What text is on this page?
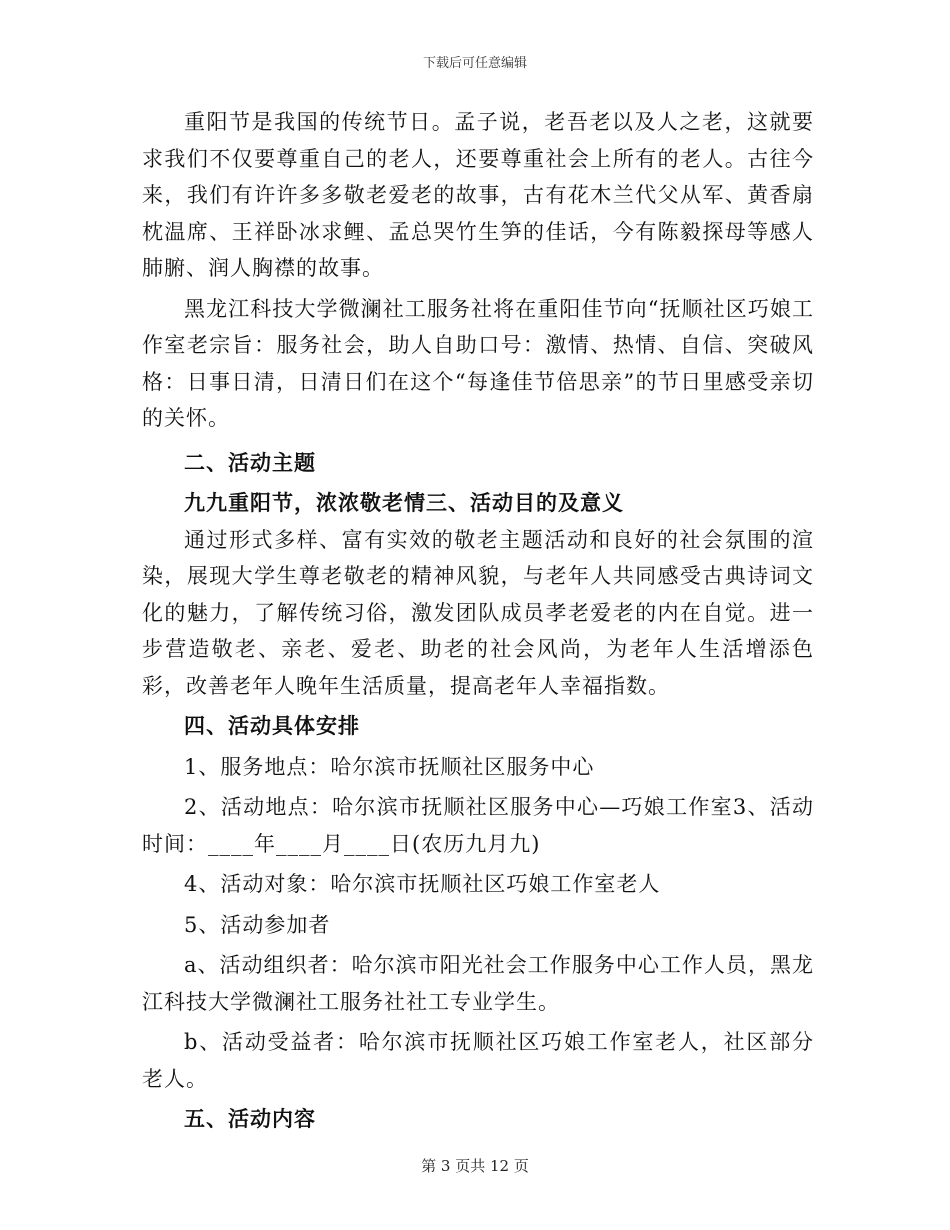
下载后可任意编辑

重阳节是我国的传统节日。孟子说，老吾老以及人之老，这就要求我们不仅要尊重自己的老人，还要尊重社会上所有的老人。古往今来，我们有许许多多敬老爱老的故事，古有花木兰代父从军、黄香扇枕温席、王祥卧冰求鲤、孟总哭竹生笋的佳话，今有陈毅探母等感人肺腑、润人胸襟的故事。

黑龙江科技大学微澜社工服务社将在重阳佳节向“抚顺社区巧娘工作室老宗旨：服务社会，助人自助口号：激情、热情、自信、突破风格：日事日清，日清日们在这个“每逢佳节倍思亲”的节日里感受亲切的关怀。

二、活动主题

九九重阳节，浓浓敬老情三、活动目的及意义

通过形式多样、富有实效的敬老主题活动和良好的社会氛围的渲染，展现大学生尊老敬老的精神风貌，与老年人共同感受古典诗词文化的魅力，了解传统习俗，激发团队成员孝老爱老的内在自觉。进一步营造敬老、亲老、爱老、助老的社会风尚，为老年人生活增添色彩，改善老年人晚年生活质量，提高老年人幸福指数。

四、活动具体安排

1、服务地点：哈尔滨市抚顺社区服务中心

2、活动地点：哈尔滨市抚顺社区服务中心—巧娘工作室3、活动时间：____年____月____日(农历九月九)

4、活动对象：哈尔滨市抚顺社区巧娘工作室老人

5、活动参加者

a、活动组织者：哈尔滨市阳光社会工作服务中心工作人员，黑龙江科技大学微澜社工服务社社工专业学生。

b、活动受益者：哈尔滨市抚顺社区巧娘工作室老人，社区部分老人。

五、活动内容

第 3 页共 12 页
